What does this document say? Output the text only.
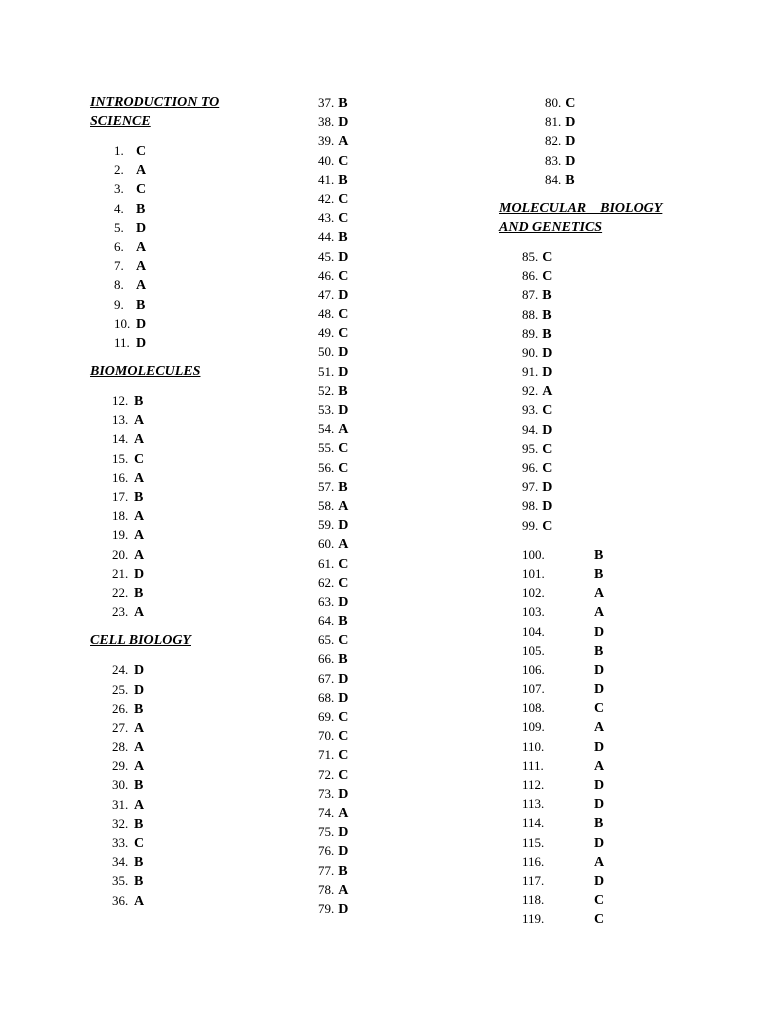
INTRODUCTION TO
SCIENCE
1. C
2. A
3. C
4. B
5. D
6. A
7. A
8. A
9. B
10. D
11. D
BIOMOLECULES
12. B
13. A
14. A
15. C
16. A
17. B
18. A
19. A
20. A
21. D
22. B
23. A
CELL BIOLOGY
24. D
25. D
26. B
27. A
28. A
29. A
30. B
31. A
32. B
33. C
34. B
35. B
36. A
37. B
38. D
39. A
40. C
41. B
42. C
43. C
44. B
45. D
46. C
47. D
48. C
49. C
50. D
51. D
52. B
53. D
54. A
55. C
56. C
57. B
58. A
59. D
60. A
61. C
62. C
63. D
64. B
65. C
66. B
67. D
68. D
69. C
70. C
71. C
72. C
73. D
74. A
75. D
76. D
77. B
78. A
79. D
80. C
81. D
82. D
83. D
84. B
MOLECULAR    BIOLOGY
AND GENETICS
85. C
86. C
87. B
88. B
89. B
90. D
91. D
92. A
93. C
94. D
95. C
96. C
97. D
98. D
99. C
100.	B
101.	B
102.	A
103.	A
104.	D
105.	B
106.	D
107.	D
108.	C
109.	A
110.	D
111.	A
112.	D
113.	D
114.	B
115.	D
116.	A
117.	D
118.	C
119.	C
